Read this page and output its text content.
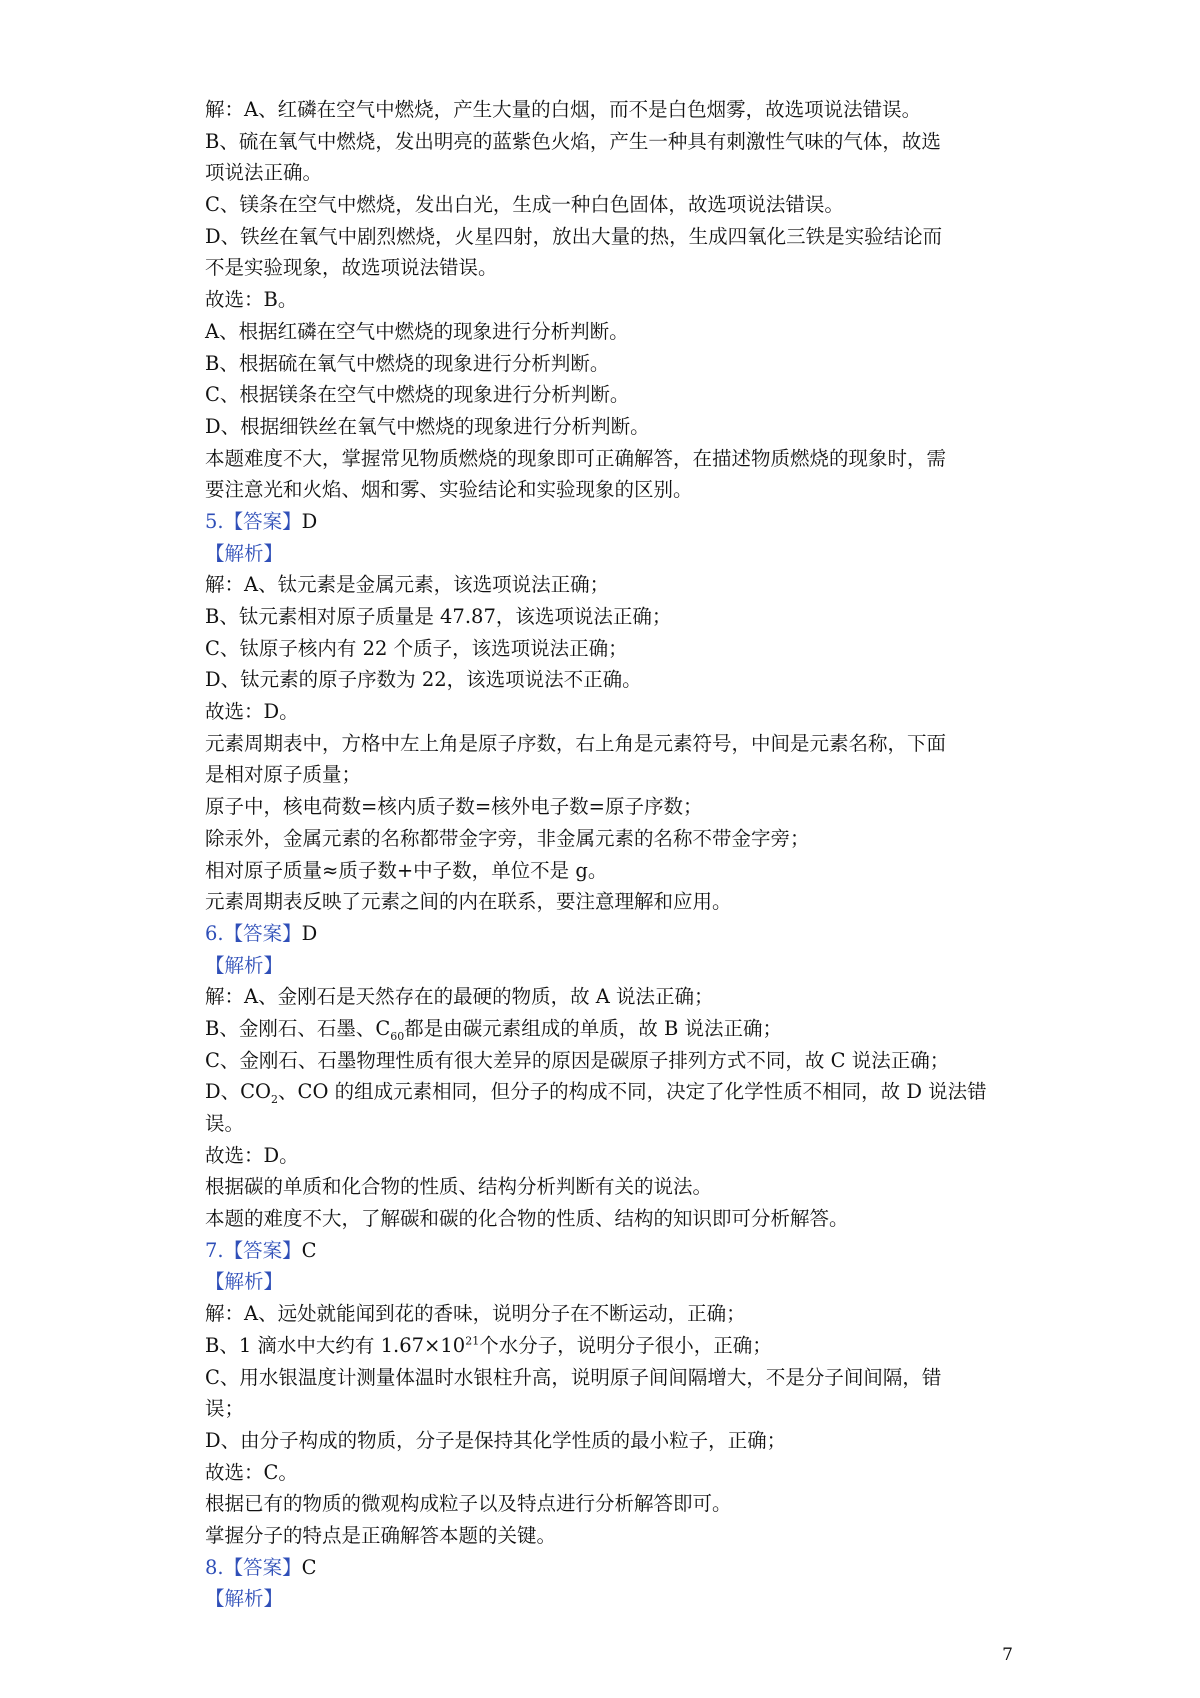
解：A、红磷在空气中燃烧，产生大量的白烟，而不是白色烟雾，故选项说法错误。
B、硫在氧气中燃烧，发出明亮的蓝紫色火焰，产生一种具有刺激性气味的气体，故选
项说法正确。
C、镁条在空气中燃烧，发出白光，生成一种白色固体，故选项说法错误。
D、铁丝在氧气中剧烈燃烧，火星四射，放出大量的热，生成四氧化三铁是实验结论而
不是实验现象，故选项说法错误。
故选：B。
A、根据红磷在空气中燃烧的现象进行分析判断。
B、根据硫在氧气中燃烧的现象进行分析判断。
C、根据镁条在空气中燃烧的现象进行分析判断。
D、根据细铁丝在氧气中燃烧的现象进行分析判断。
本题难度不大，掌握常见物质燃烧的现象即可正确解答，在描述物质燃烧的现象时，需
要注意光和火焰、烟和雾、实验结论和实验现象的区别。
5.【答案】D
【解析】
解：A、钛元素是金属元素，该选项说法正确；
B、钛元素相对原子质量是 47.87，该选项说法正确；
C、钛原子核内有 22 个质子，该选项说法正确；
D、钛元素的原子序数为 22，该选项说法不正确。
故选：D。
元素周期表中，方格中左上角是原子序数，右上角是元素符号，中间是元素名称，下面
是相对原子质量；
原子中，核电荷数=核内质子数=核外电子数=原子序数；
除汞外，金属元素的名称都带金字旁，非金属元素的名称不带金字旁；
相对原子质量≈质子数+中子数，单位不是 g。
元素周期表反映了元素之间的内在联系，要注意理解和应用。
6.【答案】D
【解析】
解：A、金刚石是天然存在的最硬的物质，故 A 说法正确；
B、金刚石、石墨、$C_{60}$都是由碳元素组成的单质，故 B 说法正确；
C、金刚石、石墨物理性质有很大差异的原因是碳原子排列方式不同，故 C 说法正确；
D、$CO_2$、CO 的组成元素相同，但分子的构成不同，决定了化学性质不相同，故 D 说法错
误。
故选：D。
根据碳的单质和化合物的性质、结构分析判断有关的说法。
本题的难度不大，了解碳和碳的化合物的性质、结构的知识即可分析解答。
7.【答案】C
【解析】
解：A、远处就能闻到花的香味，说明分子在不断运动，正确；
B、1 滴水中大约有 $1.67\times 10^{21}$个水分子，说明分子很小，正确；
C、用水银温度计测量体温时水银柱升高，说明原子间间隔增大，不是分子间间隔，错
误；
D、由分子构成的物质，分子是保持其化学性质的最小粒子，正确；
故选：C。
根据已有的物质的微观构成粒子以及特点进行分析解答即可。
掌握分子的特点是正确解答本题的关键。
8.【答案】C
【解析】
7
